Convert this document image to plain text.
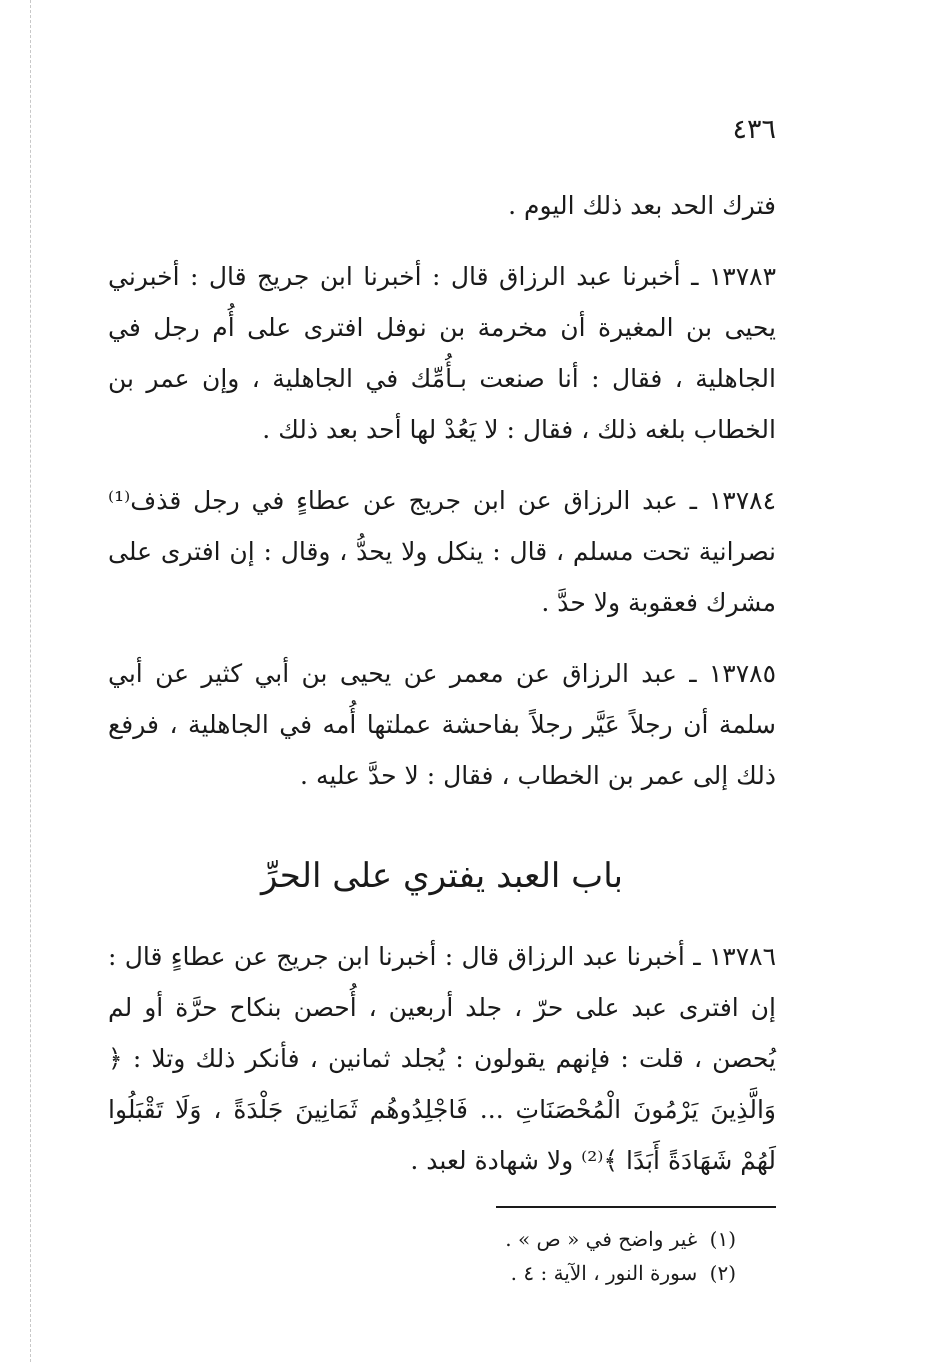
٤٣٦

فترك الحد بعد ذلك اليوم .

١٣٧٨٣ ـ أخبرنا عبد الرزاق قال : أخبرنا ابن جريج قال : أخبرني يحيى بن المغيرة أن مخرمة بن نوفل افترى على أُم رجل في الجاهلية ، فقال : أنا صنعت بـأُمِّك في الجاهلية ، وإن عمر بن الخطاب بلغه ذلك ، فقال : لا يَعُدْ لها أحد بعد ذلك .

١٣٧٨٤ ـ عبد الرزاق عن ابن جريج عن عطاءٍ في رجل قذف⁽¹⁾ نصرانية تحت مسلم ، قال : ينكل ولا يحدُّ ، وقال : إن افترى على مشرك فعقوبة ولا حدَّ .

١٣٧٨٥ ـ عبد الرزاق عن معمر عن يحيى بن أبي كثير عن أبي سلمة أن رجلاً عَيَّر رجلاً بفاحشة عملتها أُمه في الجاهلية ، فرفع ذلك إلى عمر بن الخطاب ، فقال : لا حدَّ عليه .

باب العبد يفتري على الحرِّ

١٣٧٨٦ ـ أخبرنا عبد الرزاق قال : أخبرنا ابن جريج عن عطاءٍ قال : إن افترى عبد على حرّ ، جلد أربعين ، أُحصن بنكاح حرَّة أو لم يُحصن ، قلت : فإنهم يقولون : يُجلد ثمانين ، فأنكر ذلك وتلا : ﴿ وَالَّذِينَ يَرْمُونَ الْمُحْصَنَاتِ ... فَاجْلِدُوهُم ثَمَانِينَ جَلْدَةً ، وَلَا تَقْبَلُوا لَهُمْ شَهَادَةً أَبَدًا ﴾⁽²⁾ ولا شهادة لعبد .

(١) غير واضح في « ص » .

(٢) سورة النور ، الآية : ٤ .
